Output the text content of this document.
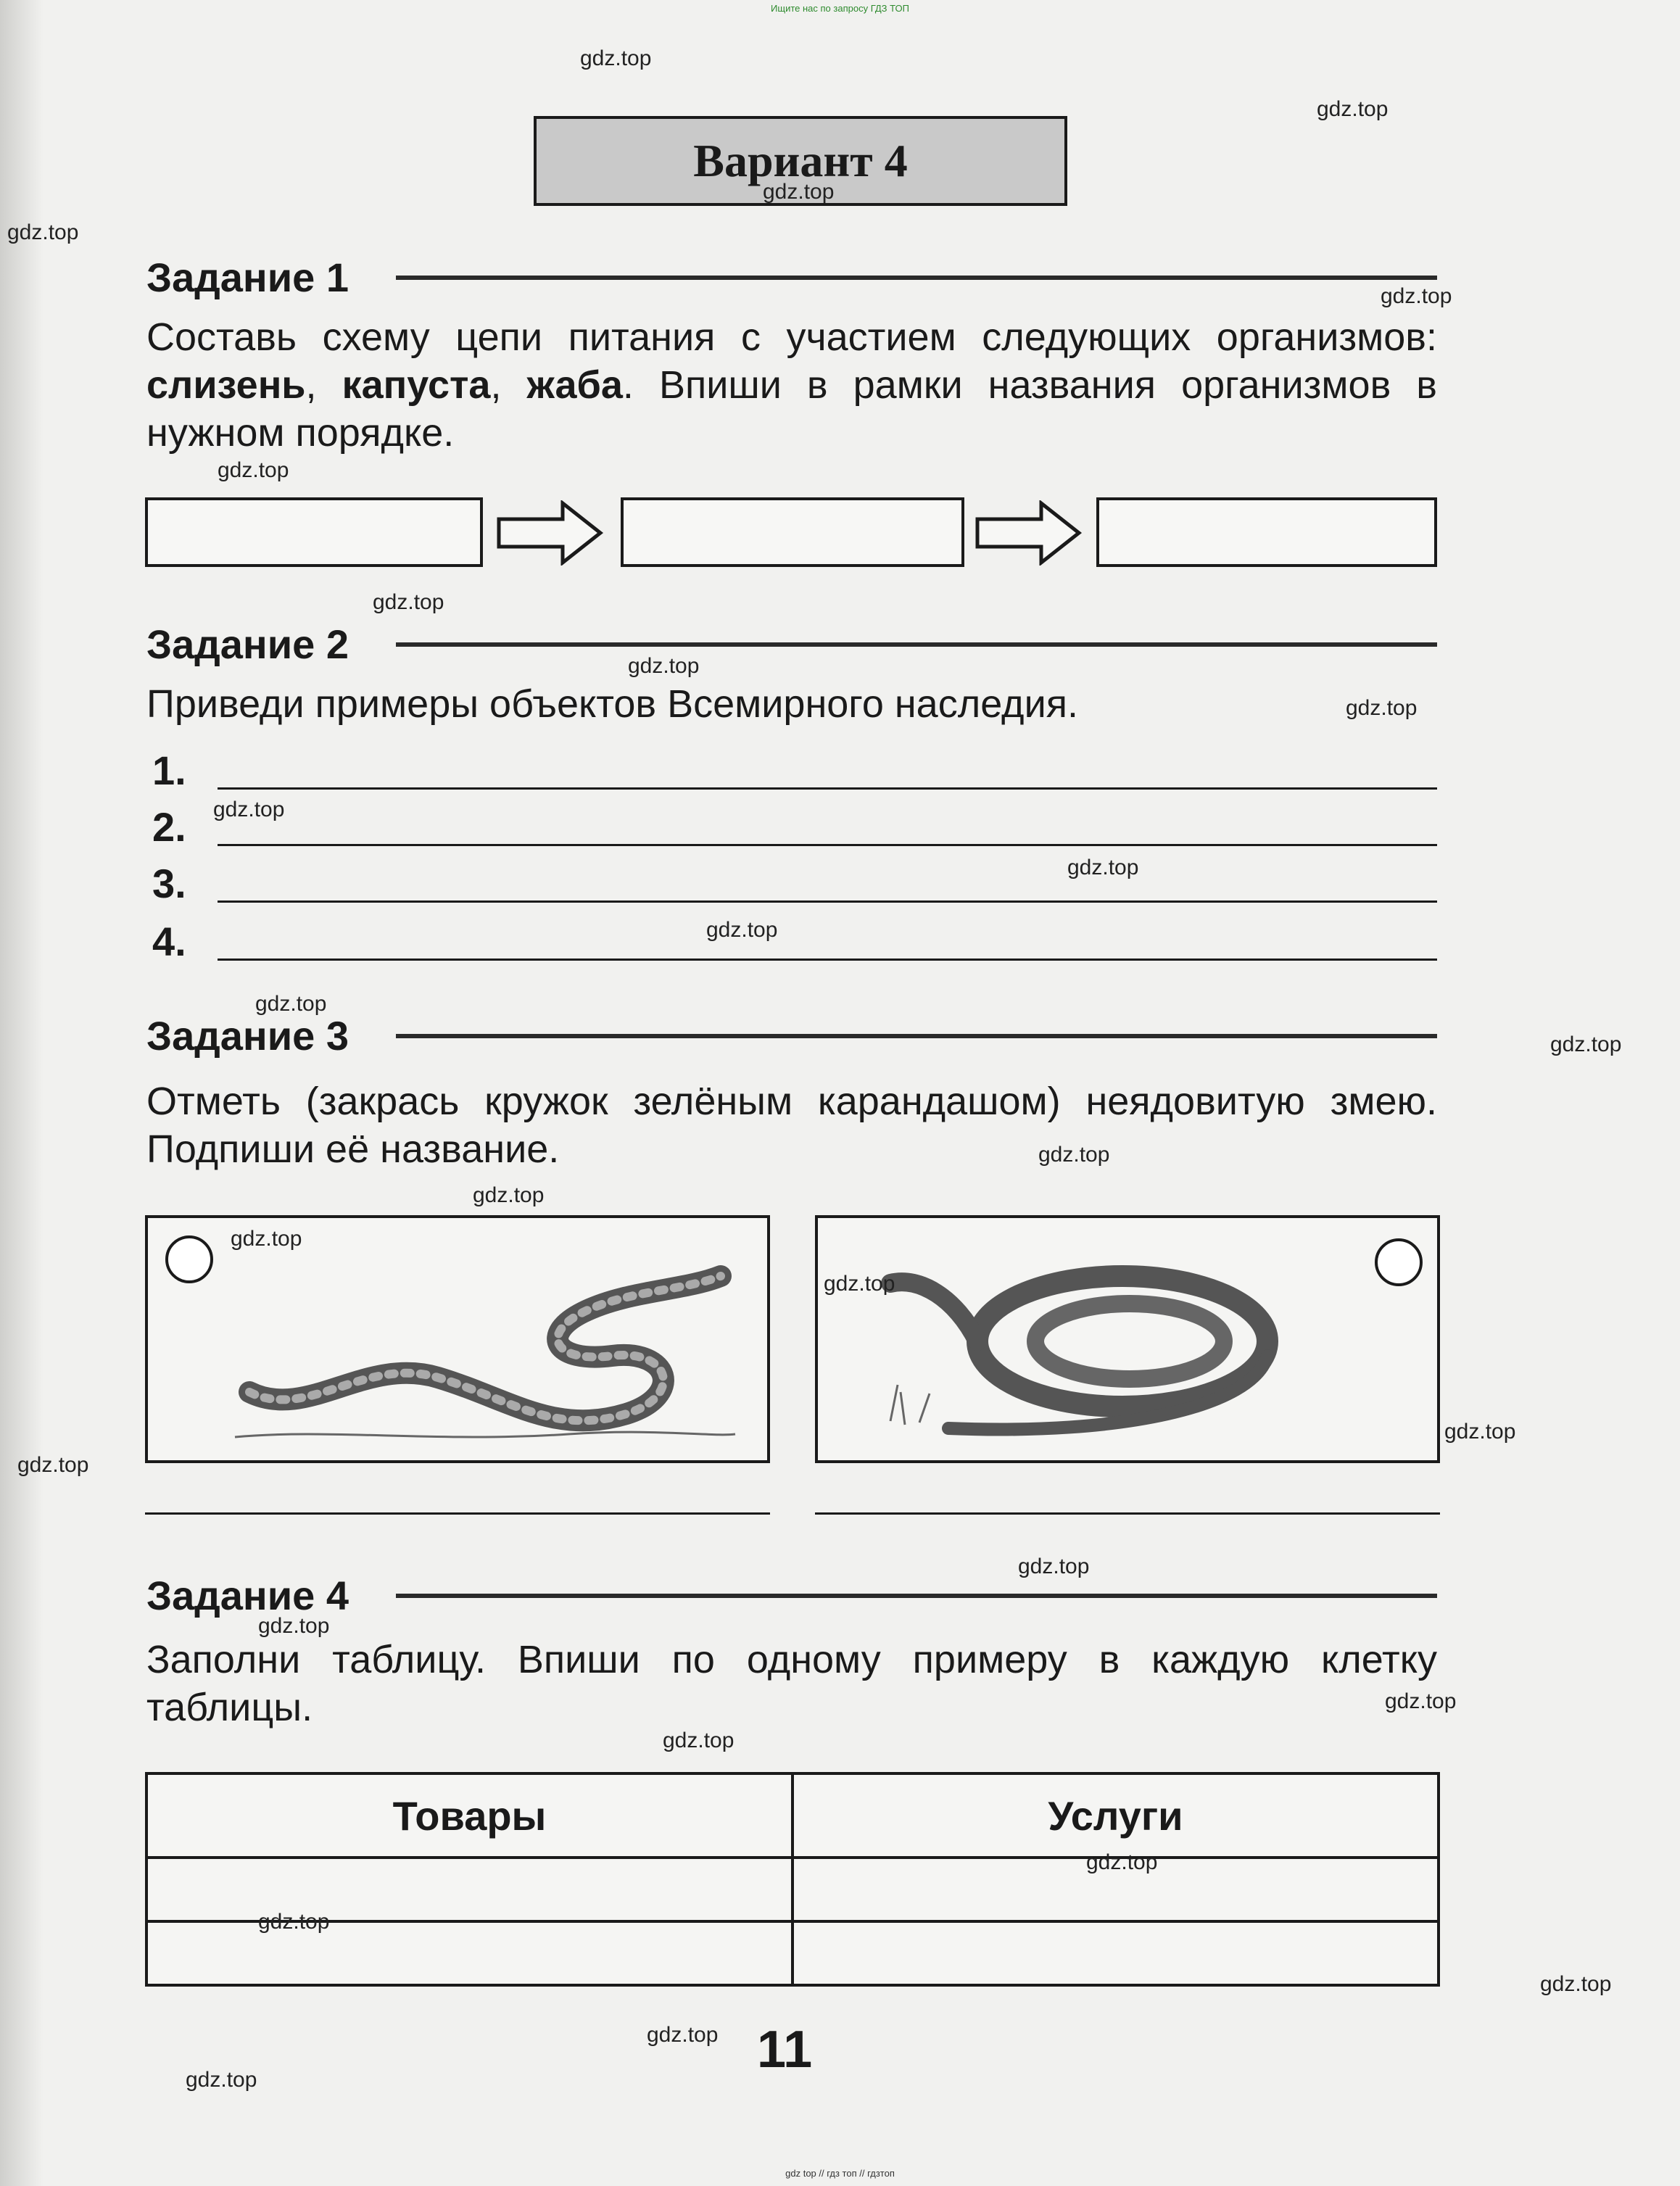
Ищите нас по запросу ГДЗ ТОП
Вариант 4
Задание 1
Составь схему цепи питания с участием следующих организмов: слизень, капуста, жаба. Впиши в рамки названия организмов в нужном порядке.
Задание 2
Приведи примеры объектов Всемирного наследия.
1.
2.
3.
4.
Задание 3
Отметь (закрась кружок зелёным карандашом) неядовитую змею. Подпиши её название.
Задание 4
Заполни таблицу. Впиши по одному примеру в каждую клетку таблицы.
Товары	Услуги

11
gdz.top
gdz.top
gdz.top
gdz.top
gdz.top
gdz.top
gdz.top
gdz.top
gdz.top
gdz.top
gdz.top
gdz.top
gdz.top
gdz.top
gdz.top
gdz.top
gdz.top
gdz.top
gdz.top
gdz.top
gdz.top
gdz.top
gdz.top
gdz.top
gdz.top
gdz.top
gdz.top
gdz.top
gdz.top
gdz top // гдз топ // гдзтоп
